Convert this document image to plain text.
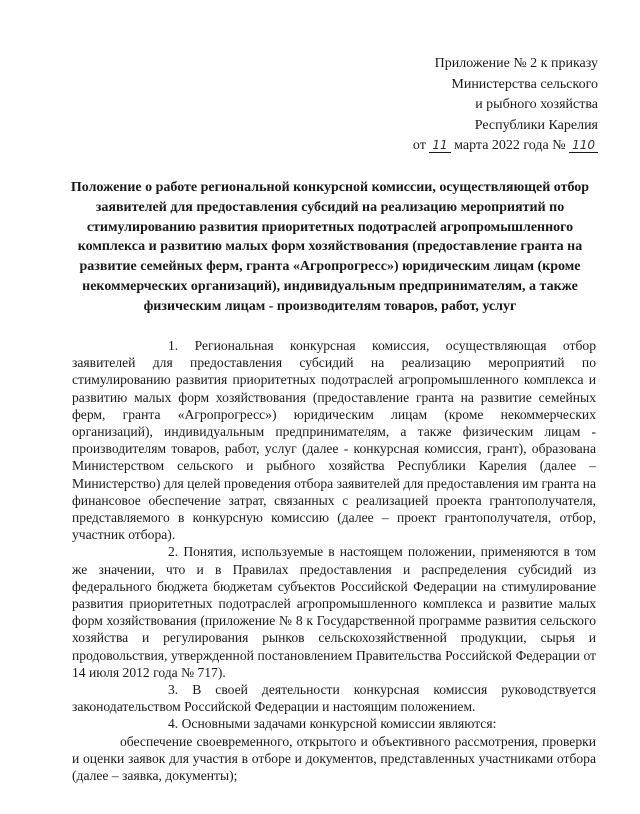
Приложение № 2 к приказу
Министерства сельского
и рыбного хозяйства
Республики Карелия
от 11 марта 2022 года № 110
Положение о работе региональной конкурсной комиссии, осуществляющей отбор заявителей для предоставления субсидий на реализацию мероприятий по стимулированию развития приоритетных подотраслей агропромышленного комплекса и развитию малых форм хозяйствования (предоставление гранта на развитие семейных ферм, гранта «Агропрогресс») юридическим лицам (кроме некоммерческих организаций), индивидуальным предпринимателям, а также физическим лицам - производителям товаров, работ, услуг

1. Региональная конкурсная комиссия, осуществляющая отбор заявителей для предоставления субсидий на реализацию мероприятий по стимулированию развития приоритетных подотраслей агропромышленного комплекса и развитию малых форм хозяйствования (предоставление гранта на развитие семейных ферм, гранта «Агропрогресс») юридическим лицам (кроме некоммерческих организаций), индивидуальным предпринимателям, а также физическим лицам - производителям товаров, работ, услуг (далее - конкурсная комиссия, грант), образована Министерством сельского и рыбного хозяйства Республики Карелия (далее – Министерство) для целей проведения отбора заявителей для предоставления им гранта на финансовое обеспечение затрат, связанных с реализацией проекта грантополучателя, представляемого в конкурсную комиссию (далее – проект грантополучателя, отбор, участник отбора).

2. Понятия, используемые в настоящем положении, применяются в том же значении, что и в Правилах предоставления и распределения субсидий из федерального бюджета бюджетам субъектов Российской Федерации на стимулирование развития приоритетных подотраслей агропромышленного комплекса и развитие малых форм хозяйствования (приложение № 8 к Государственной программе развития сельского хозяйства и регулирования рынков сельскохозяйственной продукции, сырья и продовольствия, утвержденной постановлением Правительства Российской Федерации от 14 июля 2012 года № 717).

3. В своей деятельности конкурсная комиссия руководствуется законодательством Российской Федерации и настоящим положением.

4. Основными задачами конкурсной комиссии являются:

обеспечение своевременного, открытого и объективного рассмотрения, проверки и оценки заявок для участия в отборе и документов, представленных участниками отбора (далее – заявка, документы);
